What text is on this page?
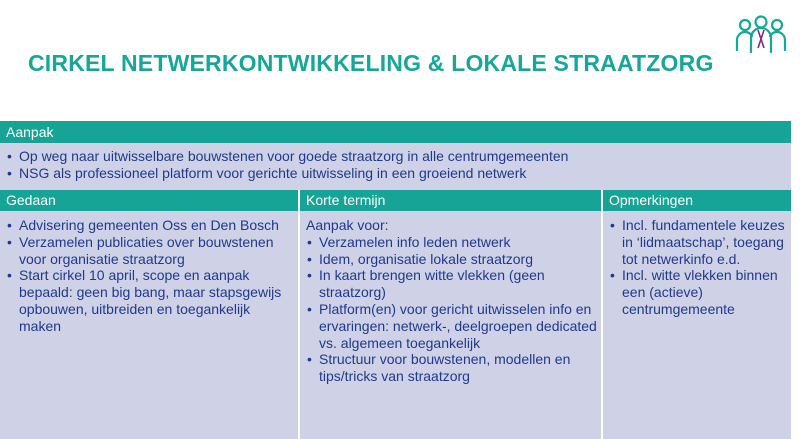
CIRKEL NETWERKONTWIKKELING & LOKALE STRAATZORG
Aanpak
• Op weg naar uitwisselbare bouwstenen voor goede straatzorg in alle centrumgemeenten
• NSG als professioneel platform voor gerichte uitwisseling in een groeiend netwerk
Gedaan	Korte termijn	Opmerkingen
• Advisering gemeenten Oss en Den Bosch
• Verzamelen publicaties over bouwstenen voor organisatie straatzorg
• Start cirkel 10 april, scope en aanpak bepaald: geen big bang, maar stapsgewijs opbouwen, uitbreiden en toegankelijk maken
Aanpak voor:
• Verzamelen info leden netwerk
• Idem, organisatie lokale straatzorg
• In kaart brengen witte vlekken (geen straatzorg)
• Platform(en) voor gericht uitwisselen info en ervaringen: netwerk-, deelgroepen dedicated vs. algemeen toegankelijk
• Structuur voor bouwstenen, modellen en tips/tricks van straatzorg
• Incl. fundamentele keuzes in ‘lidmaatschap’, toegang tot netwerkinfo e.d.
• Incl. witte vlekken binnen een (actieve) centrumgemeente
